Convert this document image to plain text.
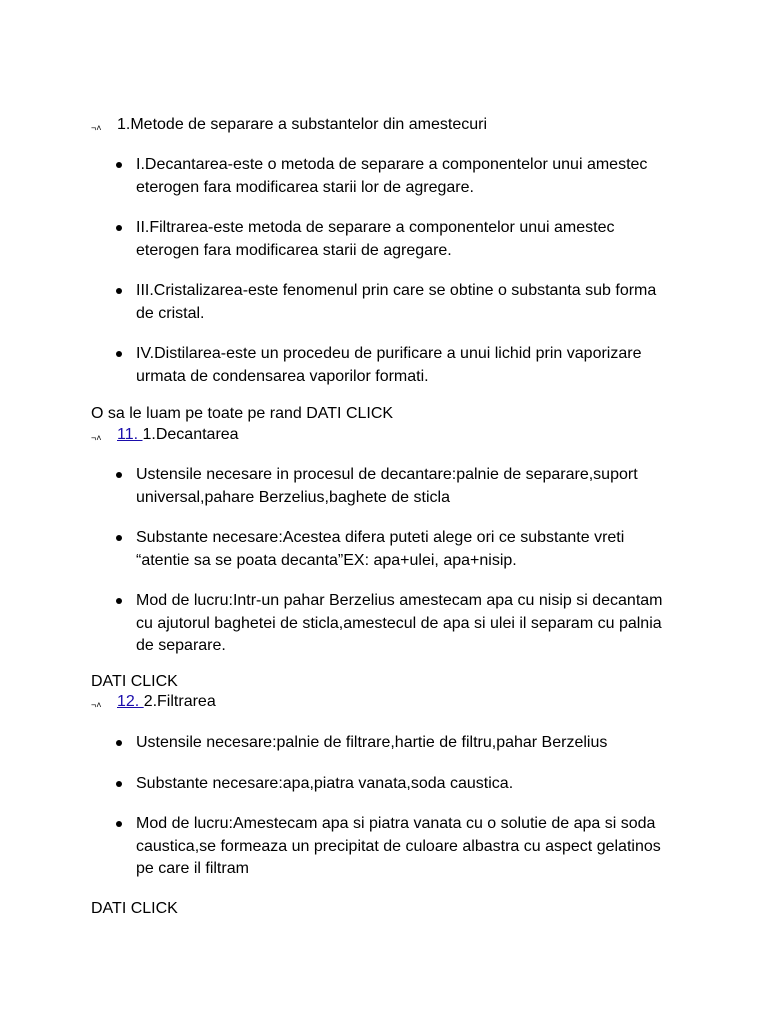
¬˄ 1.Metode de separare a substantelor din amestecuri
I.Decantarea-este o metoda de separare a componentelor unui amestec eterogen fara modificarea starii lor de agregare.
II.Filtrarea-este metoda de separare a componentelor unui amestec eterogen fara modificarea starii de agregare.
III.Cristalizarea-este fenomenul prin care se obtine o substanta sub forma de cristal.
IV.Distilarea-este un procedeu de purificare a unui lichid prin vaporizare urmata de condensarea vaporilor formati.
O sa le luam pe toate pe rand DATI CLICK
¬˄ 11. 1.Decantarea
Ustensile necesare in procesul de decantare:palnie de separare,suport universal,pahare Berzelius,baghete de sticla
Substante necesare:Acestea difera puteti alege ori ce substante vreti “atentie sa se poata decanta”EX: apa+ulei, apa+nisip.
Mod de lucru:Intr-un pahar Berzelius amestecam apa cu nisip si decantam cu ajutorul baghetei de sticla,amestecul de apa si ulei il separam cu palnia de separare.
DATI CLICK
¬˄ 12. 2.Filtrarea
Ustensile necesare:palnie de filtrare,hartie de filtru,pahar Berzelius
Substante necesare:apa,piatra vanata,soda caustica.
Mod de lucru:Amestecam apa si piatra vanata cu o solutie de apa si soda caustica,se formeaza un precipitat de culoare albastra cu aspect gelatinos pe care il filtram
DATI CLICK
